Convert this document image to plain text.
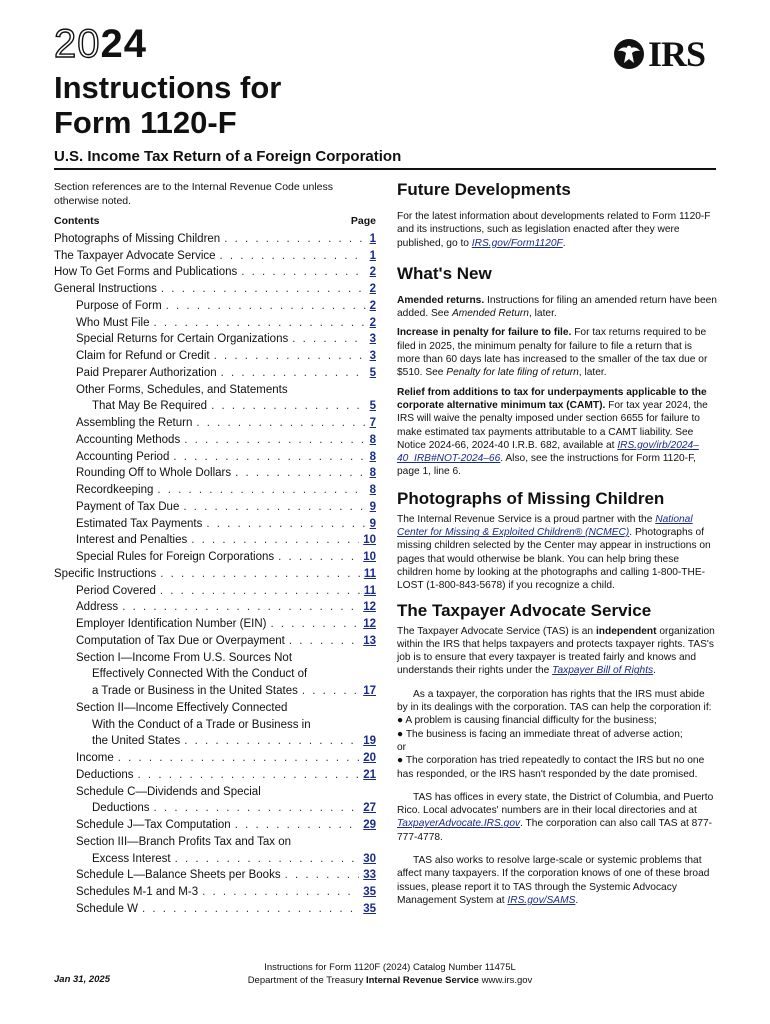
2024	IRS
Instructions for
Form 1120-F
U.S. Income Tax Return of a Foreign Corporation
Section references are to the Internal Revenue Code unless otherwise noted.
Contents	Page
Photographs of Missing Children . . .	1
The Taxpayer Advocate Service . . .	1
How To Get Forms and Publications . . .	2
General Instructions . . .	2
Purpose of Form . . .	2
Who Must File . . .	2
Special Returns for Certain Organizations . . .	3
Claim for Refund or Credit . . .	3
Paid Preparer Authorization . . .	5
Other Forms, Schedules, and Statements
That May Be Required . . .	5
Assembling the Return . . .	7
Accounting Methods . . .	8
Accounting Period . . .	8
Rounding Off to Whole Dollars . . .	8
Recordkeeping . . .	8
Payment of Tax Due . . .	9
Estimated Tax Payments . . .	9
Interest and Penalties . . .	10
Special Rules for Foreign Corporations . . .	10
Specific Instructions . . .	11
Period Covered . . .	11
Address . . .	12
Employer Identification Number (EIN) . . .	12
Computation of Tax Due or Overpayment . . .	13
Section I—Income From U.S. Sources Not
Effectively Connected With the Conduct of
a Trade or Business in the United States . . .	17
Section II—Income Effectively Connected
With the Conduct of a Trade or Business in
the United States . . .	19
Income . . .	20
Deductions . . .	21
Schedule C—Dividends and Special
Deductions . . .	27
Schedule J—Tax Computation . . .	29
Section III—Branch Profits Tax and Tax on
Excess Interest . . .	30
Schedule L—Balance Sheets per Books . . .	33
Schedules M-1 and M-3 . . .	35
Schedule W . . .	35
Future Developments

For the latest information about developments related to Form 1120-F and its instructions, such as legislation enacted after they were published, go to IRS.gov/Form1120F.

What's New

Amended returns. Instructions for filing an amended return have been added. See Amended Return, later.

Increase in penalty for failure to file. For tax returns required to be filed in 2025, the minimum penalty for failure to file a return that is more than 60 days late has increased to the smaller of the tax due or $510. See Penalty for late filing of return, later.

Relief from additions to tax for underpayments applicable to the corporate alternative minimum tax (CAMT). For tax year 2024, the IRS will waive the penalty imposed under section 6655 for failure to make estimated tax payments attributable to a CAMT liability. See Notice 2024-66, 2024-40 I.R.B. 682, available at IRS.gov/irb/2024–40_IRB#NOT-2024–66. Also, see the instructions for Form 1120-F, page 1, line 6.

Photographs of Missing Children

The Internal Revenue Service is a proud partner with the National Center for Missing & Exploited Children® (NCMEC). Photographs of missing children selected by the Center may appear in instructions on pages that would otherwise be blank. You can help bring these children home by looking at the photographs and calling 1-800-THE-LOST (1-800-843-5678) if you recognize a child.

The Taxpayer Advocate Service

The Taxpayer Advocate Service (TAS) is an independent organization within the IRS that helps taxpayers and protects taxpayer rights. TAS's job is to ensure that every taxpayer is treated fairly and knows and understands their rights under the Taxpayer Bill of Rights.

As a taxpayer, the corporation has rights that the IRS must abide by in its dealings with the corporation. TAS can help the corporation if:

● A problem is causing financial difficulty for the business;

● The business is facing an immediate threat of adverse action;

or

● The corporation has tried repeatedly to contact the IRS but no one has responded, or the IRS hasn't responded by the date promised.

TAS has offices in every state, the District of Columbia, and Puerto Rico. Local advocates' numbers are in their local directories and at TaxpayerAdvocate.IRS.gov. The corporation can also call TAS at 877-777-4778.

TAS also works to resolve large-scale or systemic problems that affect many taxpayers. If the corporation knows of one of these broad issues, please report it to TAS through the Systemic Advocacy Management System at IRS.gov/SAMS.

Jan 31, 2025
Instructions for Form 1120F (2024) Catalog Number 11475L
Department of the Treasury Internal Revenue Service www.irs.gov
